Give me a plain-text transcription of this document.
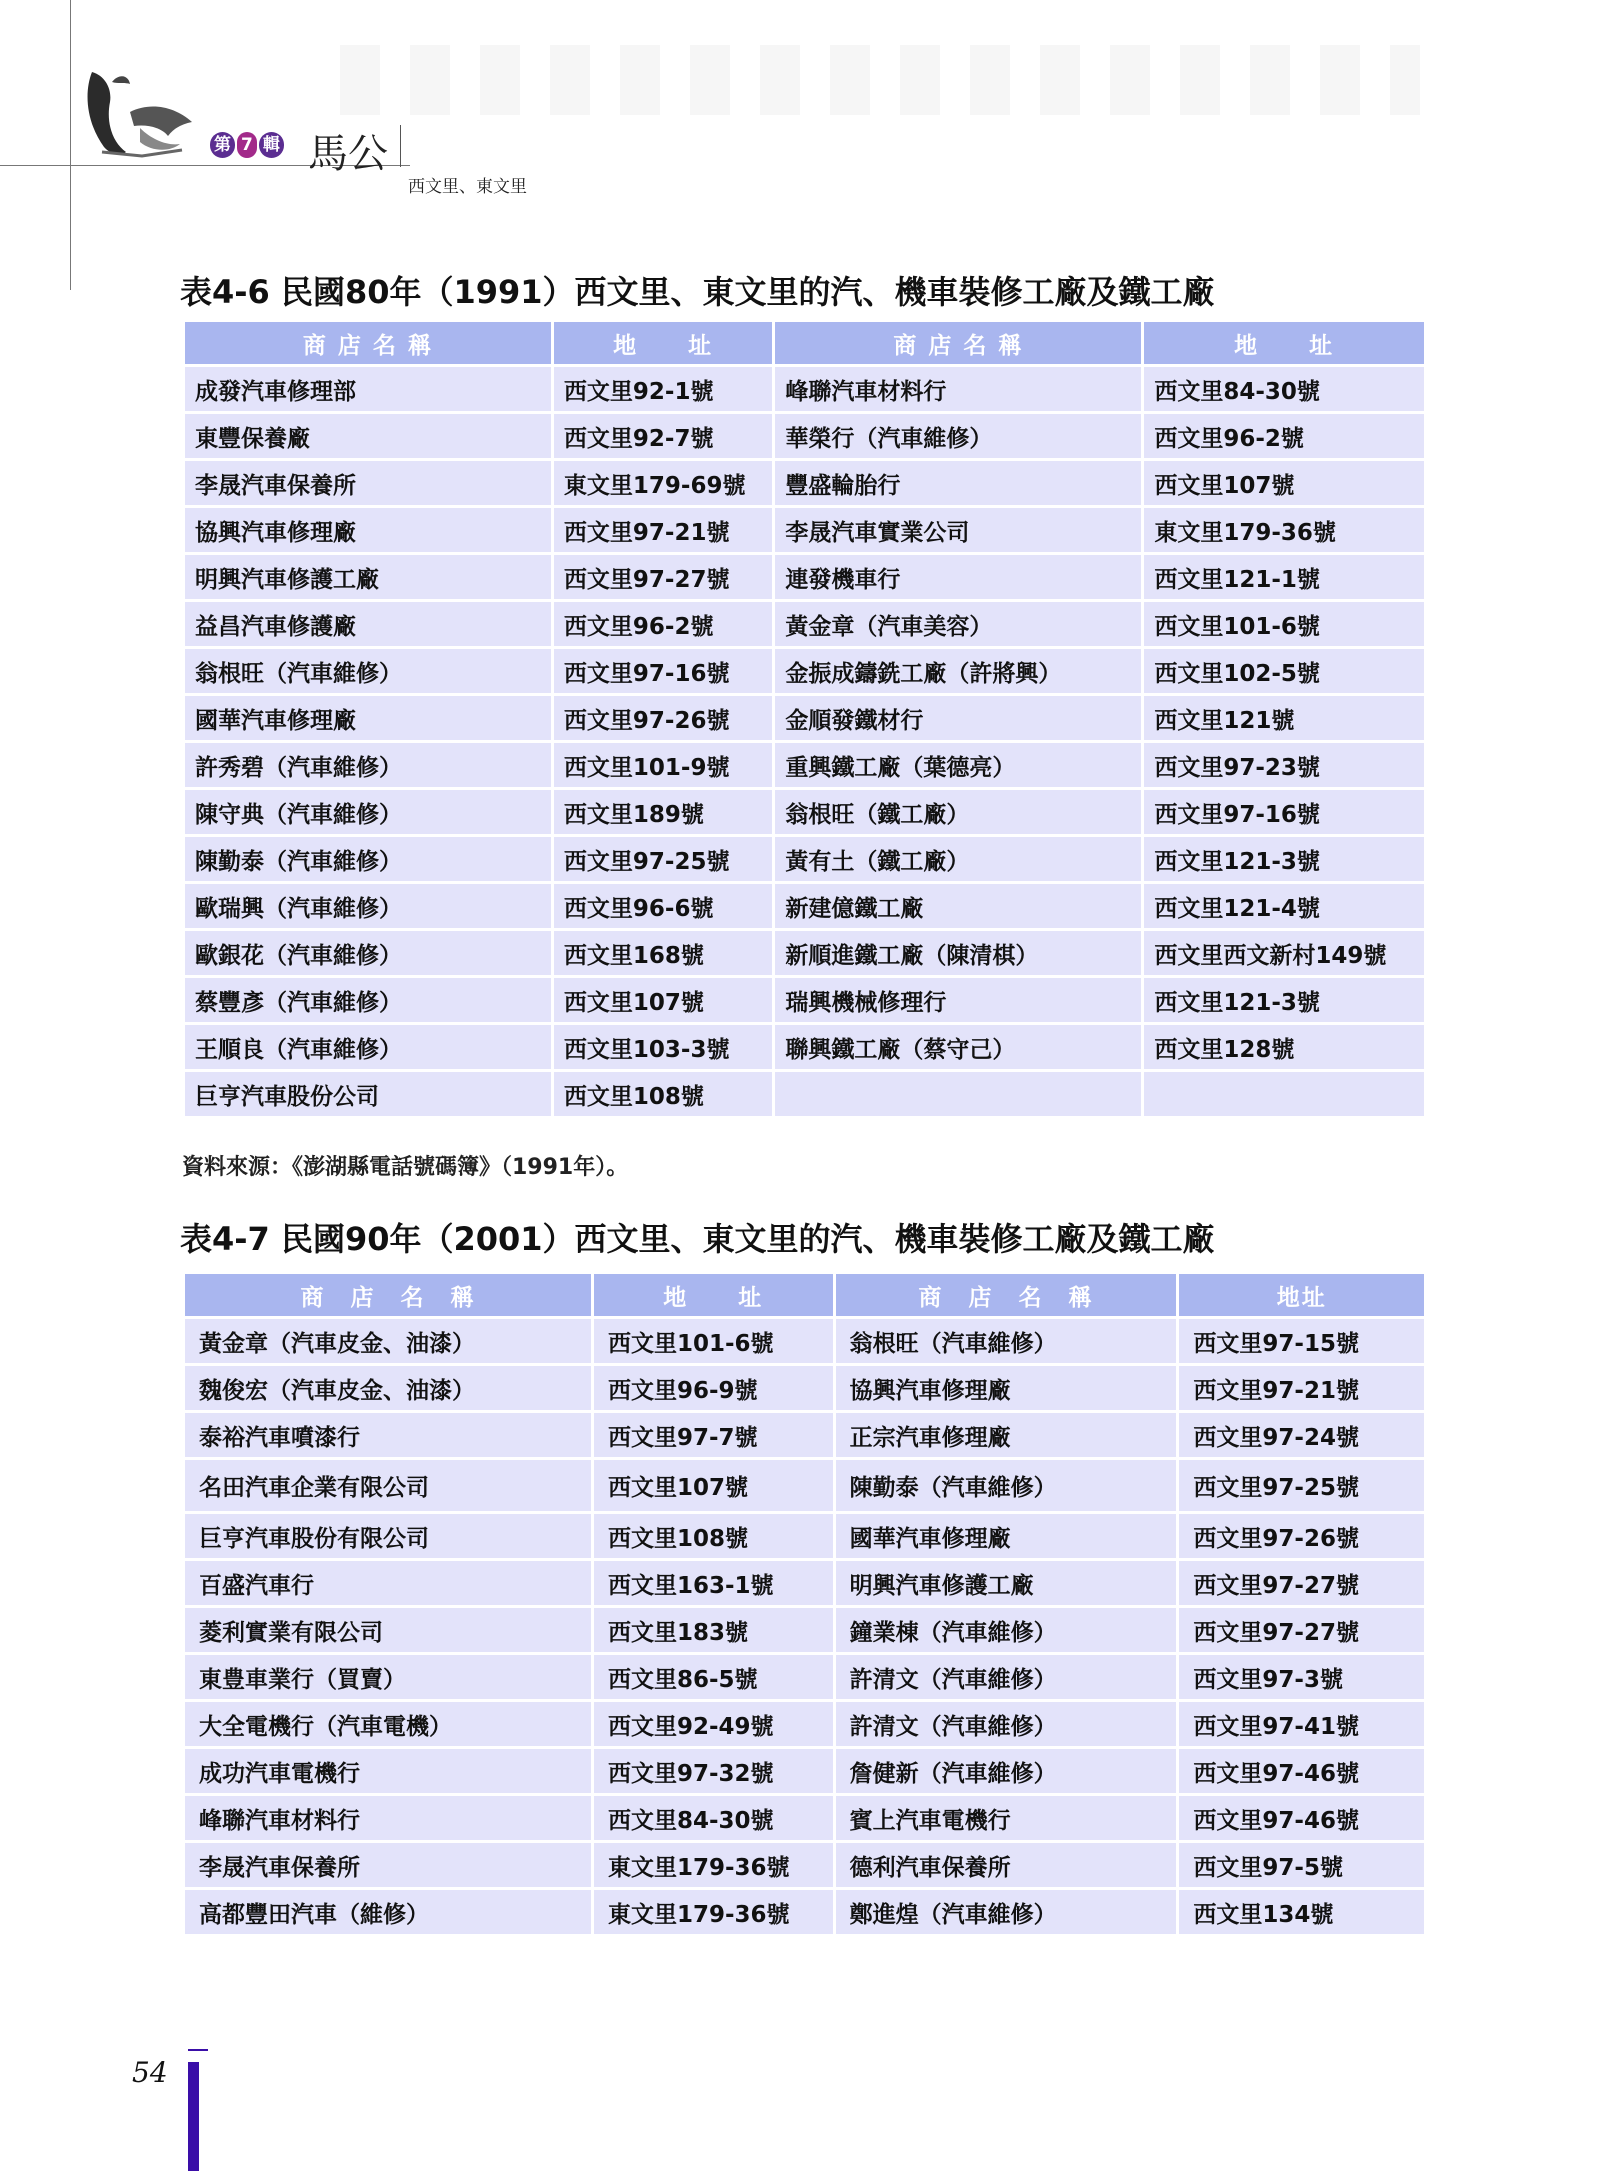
第 7 輯 馬公
西文里、東文里
表4-6 民國80年（1991）西文里、東文里的汽、機車裝修工廠及鐵工廠
商 店 名 稱	地　　址	商 店 名 稱	地　　址
成發汽車修理部	西文里92-1號	峰聯汽車材料行	西文里84-30號
東豐保養廠	西文里92-7號	華榮行（汽車維修）	西文里96-2號
李晟汽車保養所	東文里179-69號	豐盛輪胎行	西文里107號
協興汽車修理廠	西文里97-21號	李晟汽車實業公司	東文里179-36號
明興汽車修護工廠	西文里97-27號	連發機車行	西文里121-1號
益昌汽車修護廠	西文里96-2號	黃金章（汽車美容）	西文里101-6號
翁根旺（汽車維修）	西文里97-16號	金振成鑄銑工廠（許將興）	西文里102-5號
國華汽車修理廠	西文里97-26號	金順發鐵材行	西文里121號
許秀碧（汽車維修）	西文里101-9號	重興鐵工廠（葉德亮）	西文里97-23號
陳守典（汽車維修）	西文里189號	翁根旺（鐵工廠）	西文里97-16號
陳勤泰（汽車維修）	西文里97-25號	黃有土（鐵工廠）	西文里121-3號
歐瑞興（汽車維修）	西文里96-6號	新建億鐵工廠	西文里121-4號
歐銀花（汽車維修）	西文里168號	新順進鐵工廠（陳清棋）	西文里西文新村149號
蔡豐彥（汽車維修）	西文里107號	瑞興機械修理行	西文里121-3號
王順良（汽車維修）	西文里103-3號	聯興鐵工廠（蔡守己）	西文里128號
巨亨汽車股份公司	西文里108號		
資料來源：《澎湖縣電話號碼簿》（1991年）。
表4-7 民國90年（2001）西文里、東文里的汽、機車裝修工廠及鐵工廠
商　店　名　稱	地　　址	商　店　名　稱	地址
黃金章（汽車皮金、油漆）	西文里101-6號	翁根旺（汽車維修）	西文里97-15號
魏俊宏（汽車皮金、油漆）	西文里96-9號	協興汽車修理廠	西文里97-21號
泰裕汽車噴漆行	西文里97-7號	正宗汽車修理廠	西文里97-24號
名田汽車企業有限公司	西文里107號	陳勤泰（汽車維修）	西文里97-25號
巨亨汽車股份有限公司	西文里108號	國華汽車修理廠	西文里97-26號
百盛汽車行	西文里163-1號	明興汽車修護工廠	西文里97-27號
菱利實業有限公司	西文里183號	鐘業棟（汽車維修）	西文里97-27號
東豊車業行（買賣）	西文里86-5號	許清文（汽車維修）	西文里97-3號
大全電機行（汽車電機）	西文里92-49號	許清文（汽車維修）	西文里97-41號
成功汽車電機行	西文里97-32號	詹健新（汽車維修）	西文里97-46號
峰聯汽車材料行	西文里84-30號	賓上汽車電機行	西文里97-46號
李晟汽車保養所	東文里179-36號	德利汽車保養所	西文里97-5號
高都豐田汽車（維修）	東文里179-36號	鄭進煌（汽車維修）	西文里134號
54
